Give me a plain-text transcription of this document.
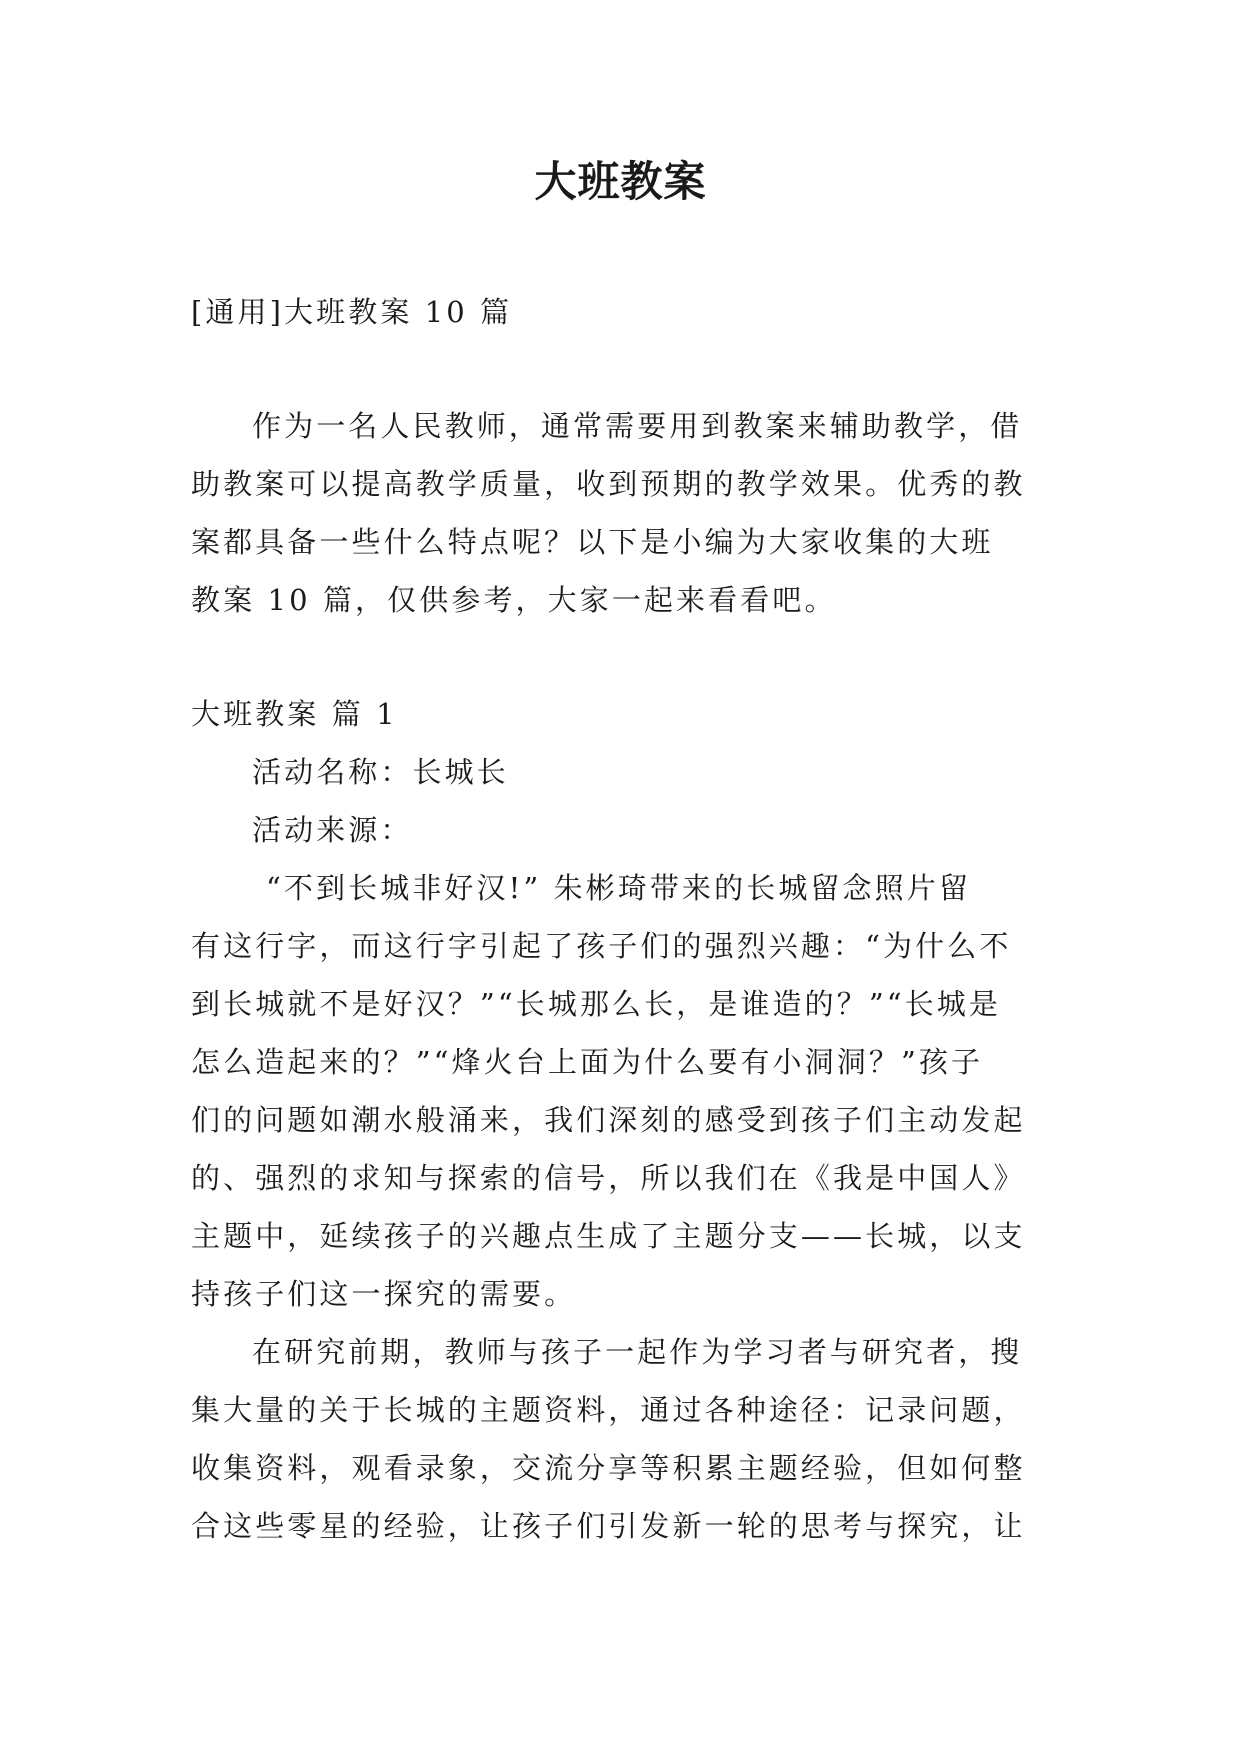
大班教案

[通用]大班教案 10 篇

作为一名人民教师，通常需要用到教案来辅助教学，借

助教案可以提高教学质量，收到预期的教学效果。优秀的教

案都具备一些什么特点呢？以下是小编为大家收集的大班

教案 10 篇，仅供参考，大家一起来看看吧。

大班教案 篇 1

活动名称：长城长

活动来源：

“不到长城非好汉!” 朱彬琦带来的长城留念照片留

有这行字，而这行字引起了孩子们的强烈兴趣：“为什么不

到长城就不是好汉？”“长城那么长，是谁造的？”“长城是

怎么造起来的？”“烽火台上面为什么要有小洞洞？”孩子

们的问题如潮水般涌来，我们深刻的感受到孩子们主动发起

的、强烈的求知与探索的信号，所以我们在《我是中国人》

主题中，延续孩子的兴趣点生成了主题分支——长城，以支

持孩子们这一探究的需要。

在研究前期，教师与孩子一起作为学习者与研究者，搜

集大量的关于长城的主题资料，通过各种途径：记录问题，

收集资料，观看录象，交流分享等积累主题经验，但如何整

合这些零星的经验，让孩子们引发新一轮的思考与探究，让
